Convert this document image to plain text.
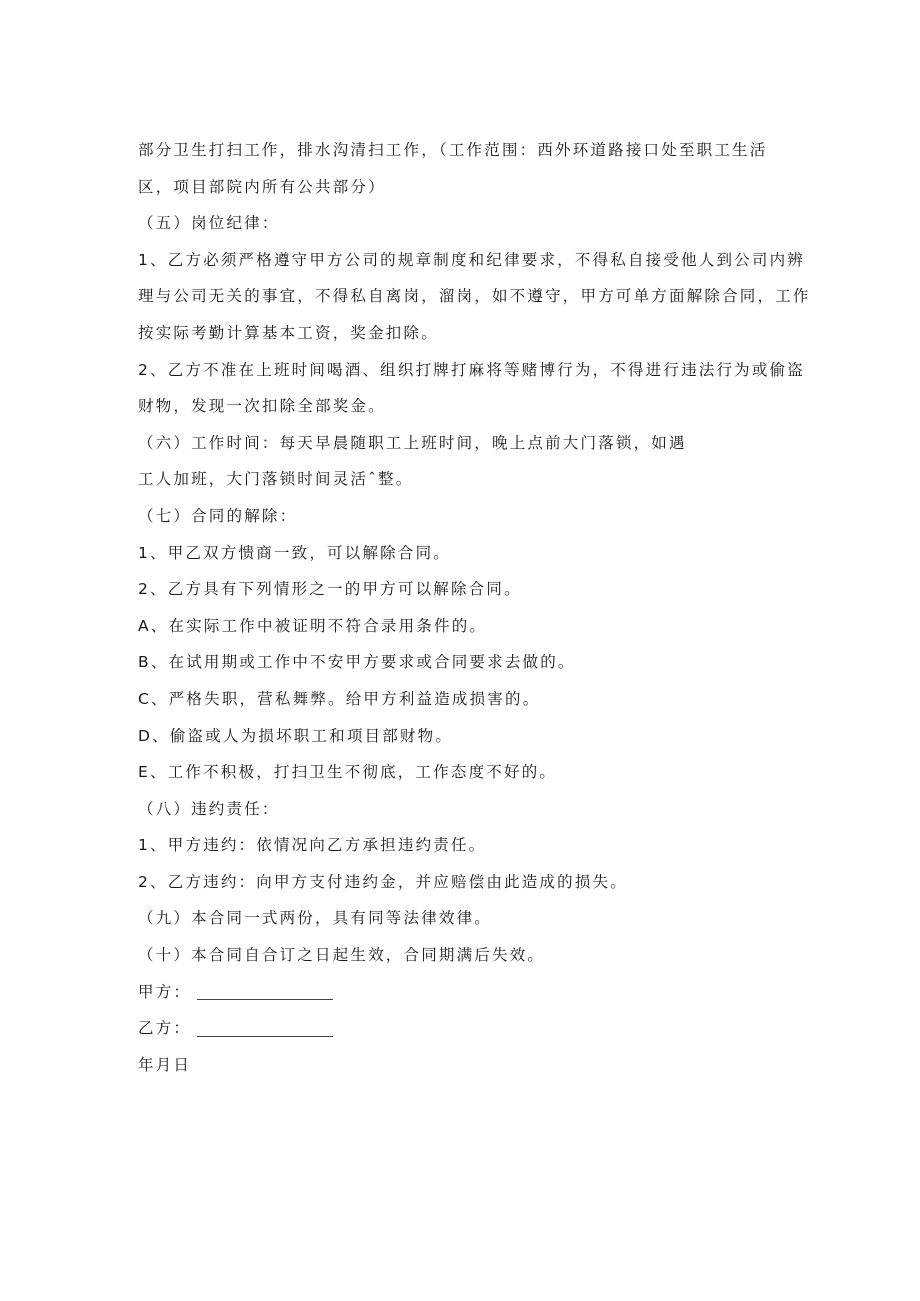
部分卫生打扫工作，排水沟清扫工作，（工作范围：西外环道路接口处至职工生活
区，项目部院内所有公共部分）
（五）岗位纪律：
1、乙方必须严格遵守甲方公司的规章制度和纪律要求，不得私自接受他人到公司内辨
理与公司无关的事宜，不得私自离岗，溜岗，如不遵守，甲方可单方面解除合同，工作
按实际考勤计算基本工资，奖金扣除。
2、乙方不准在上班时间喝酒、组织打牌打麻将等赌博行为，不得进行违法行为或偷盗
财物，发现一次扣除全部奖金。
（六）工作时间：每天早晨随职工上班时间，晚上点前大门落锁，如遇
工人加班，大门落锁时间灵活ˆ整。
（七）合同的解除：
1、甲乙双方愦商一致，可以解除合同。
2、乙方具有下列情形之一的甲方可以解除合同。
A、在实际工作中被证明不符合录用条件的。
B、在试用期或工作中不安甲方要求或合同要求去做的。
C、严格失职，营私舞弊。给甲方利益造成损害的。
D、偷盗或人为损坏职工和项目部财物。
E、工作不积极，打扫卫生不彻底，工作态度不好的。
（八）违约责任：
1、甲方违约：依情况向乙方承担违约责任。
2、乙方违约：向甲方支付违约金，并应赔偿由此造成的损失。
（九）本合同一式两份，具有同等法律效律。
（十）本合同自合订之日起生效，合同期满后失效。
甲方：
乙方：
年月日
